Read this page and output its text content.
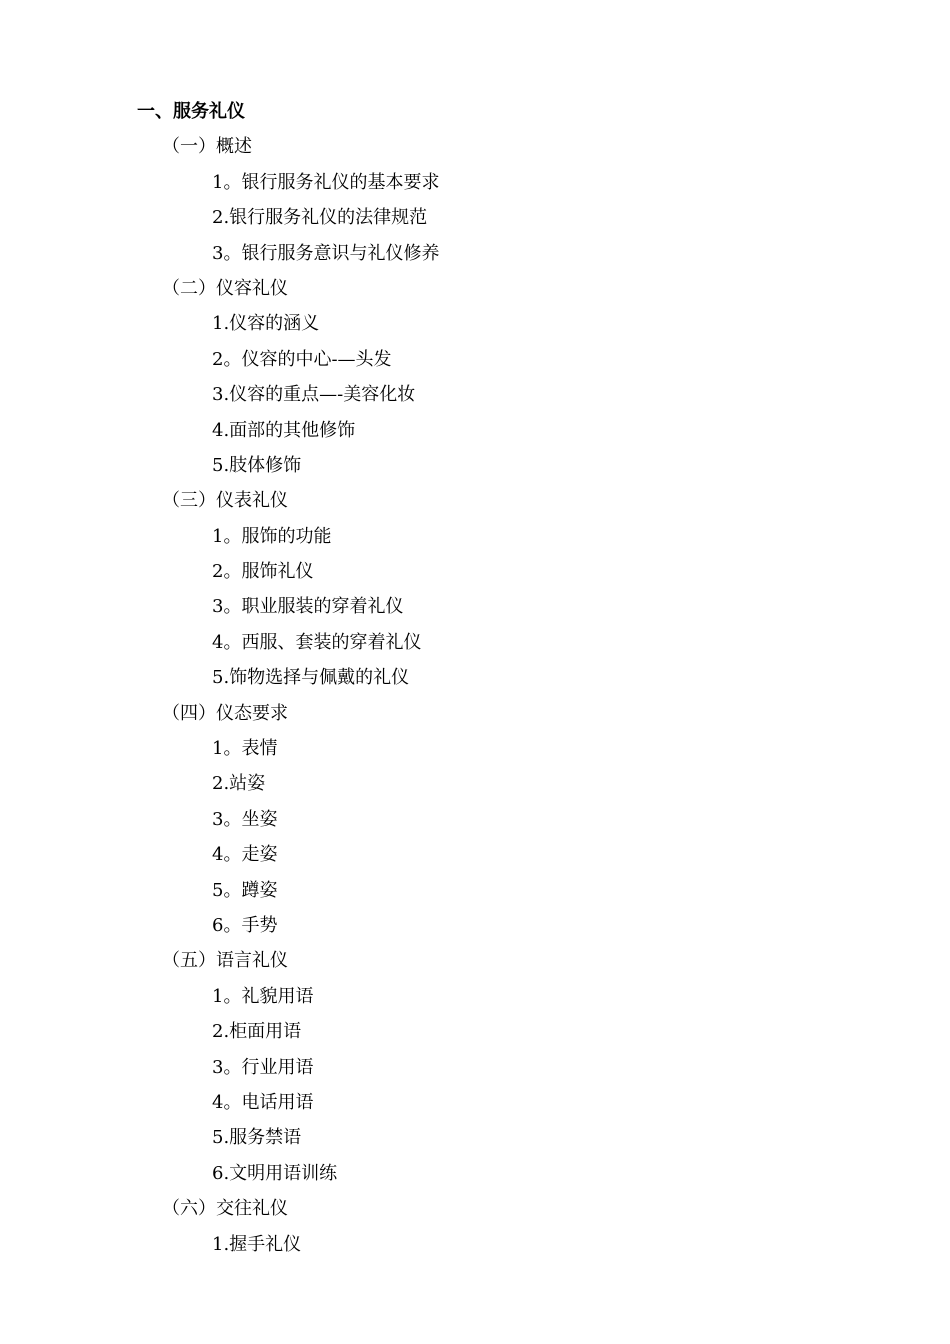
一、服务礼仪
（一）概述
1。银行服务礼仪的基本要求
2.银行服务礼仪的法律规范
3。银行服务意识与礼仪修养
（二）仪容礼仪
1.仪容的涵义
2。仪容的中心-—头发
3.仪容的重点—-美容化妆
4.面部的其他修饰
5.肢体修饰
（三）仪表礼仪
1。服饰的功能
2。服饰礼仪
3。职业服装的穿着礼仪
4。西服、套装的穿着礼仪
5.饰物选择与佩戴的礼仪
（四）仪态要求
1。表情
2.站姿
3。坐姿
4。走姿
5。蹲姿
6。手势
（五）语言礼仪
1。礼貌用语
2.柜面用语
3。行业用语
4。电话用语
5.服务禁语
6.文明用语训练
（六）交往礼仪
1.握手礼仪
